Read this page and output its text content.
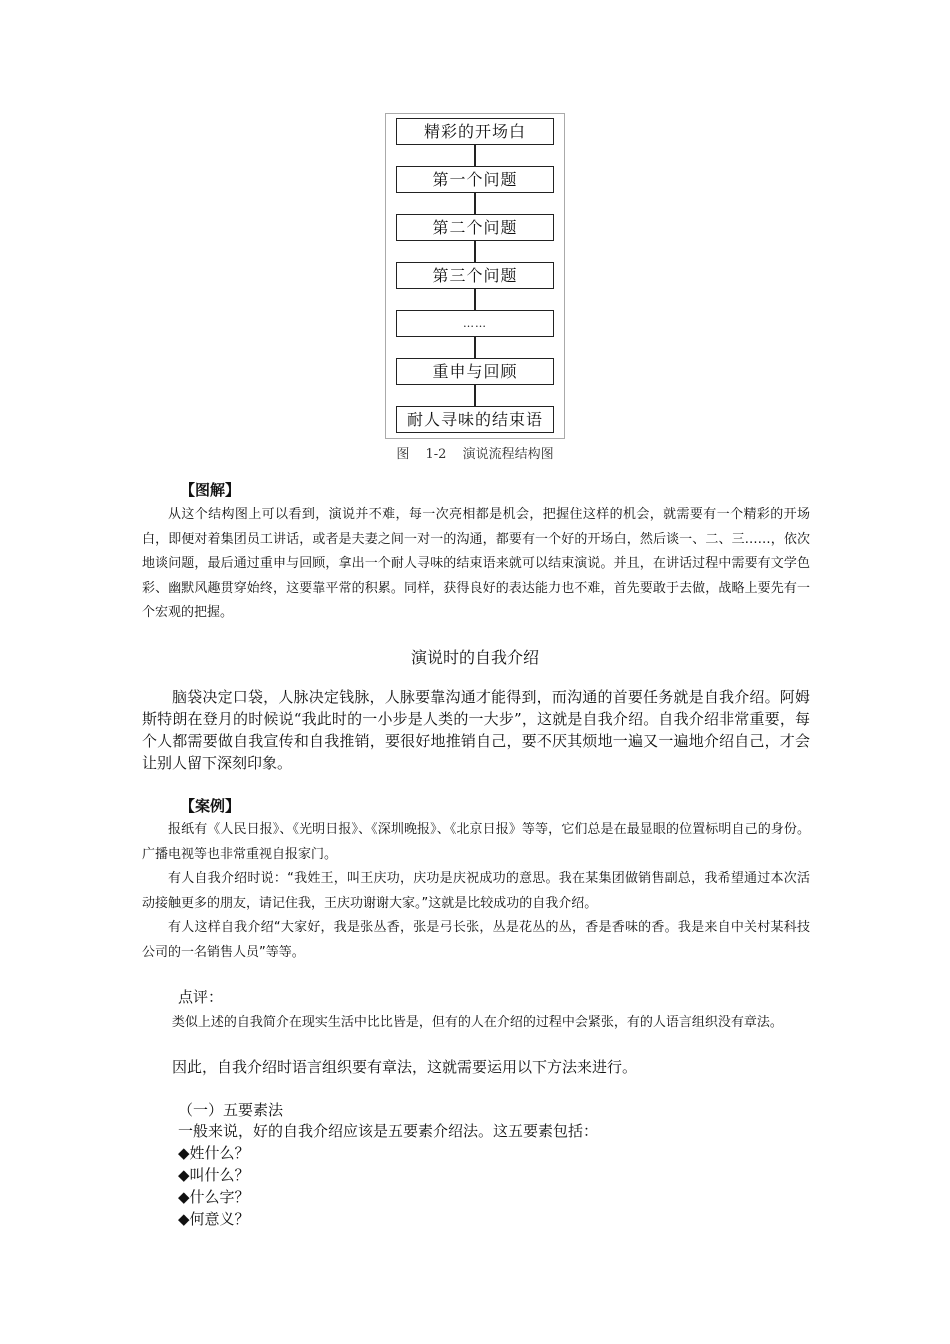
精彩的开场白
第一个问题
第二个问题
第三个问题
……
重申与回顾
耐人寻味的结束语
图 1-2 演说流程结构图
【图解】
从这个结构图上可以看到，演说并不难，每一次亮相都是机会，把握住这样的机会，就需要有一个精彩的开场白，即便对着集团员工讲话，或者是夫妻之间一对一的沟通，都要有一个好的开场白，然后谈一、二、三……，依次地谈问题，最后通过重申与回顾，拿出一个耐人寻味的结束语来就可以结束演说。并且，在讲话过程中需要有文学色彩、幽默风趣贯穿始终，这要靠平常的积累。同样，获得良好的表达能力也不难，首先要敢于去做，战略上要先有一个宏观的把握。
演说时的自我介绍
脑袋决定口袋，人脉决定钱脉，人脉要靠沟通才能得到，而沟通的首要任务就是自我介绍。阿姆斯特朗在登月的时候说“我此时的一小步是人类的一大步”，这就是自我介绍。自我介绍非常重要，每个人都需要做自我宣传和自我推销，要很好地推销自己，要不厌其烦地一遍又一遍地介绍自己，才会让别人留下深刻印象。
【案例】
报纸有《人民日报》、《光明日报》、《深圳晚报》、《北京日报》等等，它们总是在最显眼的位置标明自己的身份。广播电视等也非常重视自报家门。
有人自我介绍时说：“我姓王，叫王庆功，庆功是庆祝成功的意思。我在某集团做销售副总，我希望通过本次活动接触更多的朋友，请记住我，王庆功谢谢大家。”这就是比较成功的自我介绍。
有人这样自我介绍“大家好，我是张丛香，张是弓长张，丛是花丛的丛，香是香味的香。我是来自中关村某科技公司的一名销售人员”等等。
点评：
类似上述的自我简介在现实生活中比比皆是，但有的人在介绍的过程中会紧张，有的人语言组织没有章法。
因此，自我介绍时语言组织要有章法，这就需要运用以下方法来进行。
（一）五要素法
一般来说，好的自我介绍应该是五要素介绍法。这五要素包括：
◆姓什么？
◆叫什么？
◆什么字？
◆何意义？
